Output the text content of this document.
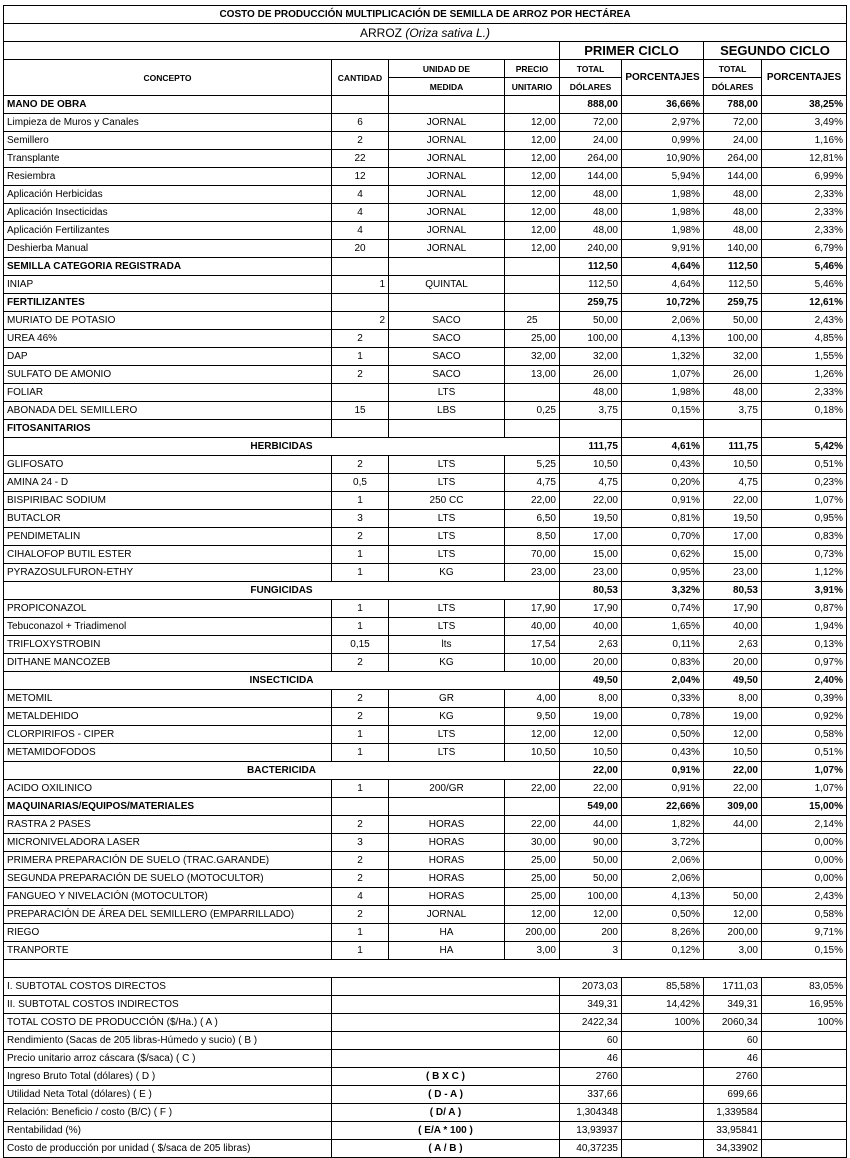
COSTO DE PRODUCCIÓN MULTIPLICACIÓN DE SEMILLA DE ARROZ POR HECTÁREA							
ARROZ (Oriza sativa L.)							
				PRIMER CICLO		SEGUNDO CICLO	
CONCEPTO	CANTIDAD	UNIDAD DE	PRECIO	TOTAL	PORCENTAJES	TOTAL	PORCENTAJES
		MEDIDA	UNITARIO	DÓLARES		DÓLARES	
MANO DE OBRA				888,00	36,66%	788,00	38,25%
Limpieza de Muros y Canales	6	JORNAL	12,00	72,00	2,97%	72,00	3,49%
Semillero	2	JORNAL	12,00	24,00	0,99%	24,00	1,16%
Transplante	22	JORNAL	12,00	264,00	10,90%	264,00	12,81%
Resiembra	12	JORNAL	12,00	144,00	5,94%	144,00	6,99%
Aplicación Herbicidas	4	JORNAL	12,00	48,00	1,98%	48,00	2,33%
Aplicación Insecticidas	4	JORNAL	12,00	48,00	1,98%	48,00	2,33%
Aplicación Fertilizantes	4	JORNAL	12,00	48,00	1,98%	48,00	2,33%
Deshierba Manual	20	JORNAL	12,00	240,00	9,91%	140,00	6,79%
SEMILLA CATEGORIA REGISTRADA				112,50	4,64%	112,50	5,46%
INIAP	1	QUINTAL		112,50	4,64%	112,50	5,46%
FERTILIZANTES				259,75	10,72%	259,75	12,61%
MURIATO DE POTASIO	2	SACO	25	50,00	2,06%	50,00	2,43%
UREA 46%	2	SACO	25,00	100,00	4,13%	100,00	4,85%
DAP	1	SACO	32,00	32,00	1,32%	32,00	1,55%
SULFATO DE AMONIO	2	SACO	13,00	26,00	1,07%	26,00	1,26%
FOLIAR		LTS		48,00	1,98%	48,00	2,33%
ABONADA DEL SEMILLERO	15	LBS	0,25	3,75	0,15%	3,75	0,18%
FITOSANITARIOS							
HERBICIDAS				111,75	4,61%	111,75	5,42%
GLIFOSATO	2	LTS	5,25	10,50	0,43%	10,50	0,51%
AMINA 24 - D	0,5	LTS	4,75	4,75	0,20%	4,75	0,23%
BISPIRIBAC SODIUM	1	250 CC	22,00	22,00	0,91%	22,00	1,07%
BUTACLOR	3	LTS	6,50	19,50	0,81%	19,50	0,95%
PENDIMETALIN	2	LTS	8,50	17,00	0,70%	17,00	0,83%
CIHALOFOP BUTIL ESTER	1	LTS	70,00	15,00	0,62%	15,00	0,73%
PYRAZOSULFURON-ETHY	1	KG	23,00	23,00	0,95%	23,00	1,12%
FUNGICIDAS				80,53	3,32%	80,53	3,91%
PROPICONAZOL	1	LTS	17,90	17,90	0,74%	17,90	0,87%
Tebuconazol + Triadimenol	1	LTS	40,00	40,00	1,65%	40,00	1,94%
TRIFLOXYSTROBIN	0,15	lts	17,54	2,63	0,11%	2,63	0,13%
DITHANE MANCOZEB	2	KG	10,00	20,00	0,83%	20,00	0,97%
INSECTICIDA				49,50	2,04%	49,50	2,40%
METOMIL	2	GR	4,00	8,00	0,33%	8,00	0,39%
METALDEHIDO	2	KG	9,50	19,00	0,78%	19,00	0,92%
CLORPIRIFOS - CIPER	1	LTS	12,00	12,00	0,50%	12,00	0,58%
METAMIDOFODOS	1	LTS	10,50	10,50	0,43%	10,50	0,51%
BACTERICIDA				22,00	0,91%	22,00	1,07%
ACIDO OXILINICO	1	200/GR	22,00	22,00	0,91%	22,00	1,07%
MAQUINARIAS/EQUIPOS/MATERIALES				549,00	22,66%	309,00	15,00%
RASTRA 2 PASES	2	HORAS	22,00	44,00	1,82%	44,00	2,14%
MICRONIVELADORA LASER	3	HORAS	30,00	90,00	3,72%		0,00%
PRIMERA PREPARACIÓN DE SUELO (TRAC.GARANDE)	2	HORAS	25,00	50,00	2,06%		0,00%
SEGUNDA PREPARACIÓN DE SUELO (MOTOCULTOR)	2	HORAS	25,00	50,00	2,06%		0,00%
FANGUEO Y NIVELACIÓN (MOTOCULTOR)	4	HORAS	25,00	100,00	4,13%	50,00	2,43%
PREPARACIÓN DE ÁREA DEL SEMILLERO (EMPARRILLADO)	2	JORNAL	12,00	12,00	0,50%	12,00	0,58%
RIEGO	1	HA	200,00	200	8,26%	200,00	9,71%
TRANPORTE	1	HA	3,00	3	0,12%	3,00	0,15%

I. SUBTOTAL COSTOS DIRECTOS				2073,03	85,58%	1711,03	83,05%
II. SUBTOTAL COSTOS INDIRECTOS				349,31	14,42%	349,31	16,95%
TOTAL COSTO DE PRODUCCIÓN ($/Ha.) ( A )				2422,34	100%	2060,34	100%
Rendimiento (Sacas de 205 libras-Húmedo y sucio) ( B )				60		60	
Precio unitario arroz cáscara ($/saca) ( C )				46		46	
Ingreso Bruto Total (dólares) ( D )	( B X C )			2760		2760	
Utilidad Neta Total (dólares) ( E )	( D - A )			337,66		699,66	
Relación: Beneficio / costo (B/C) ( F )	( D/ A )			1,304348		1,339584	
Rentabilidad (%)	( E/A * 100 )			13,93937		33,95841	
Costo de producción por unidad ( $/saca de 205 libras)	( A / B )			40,37235		34,33902	
